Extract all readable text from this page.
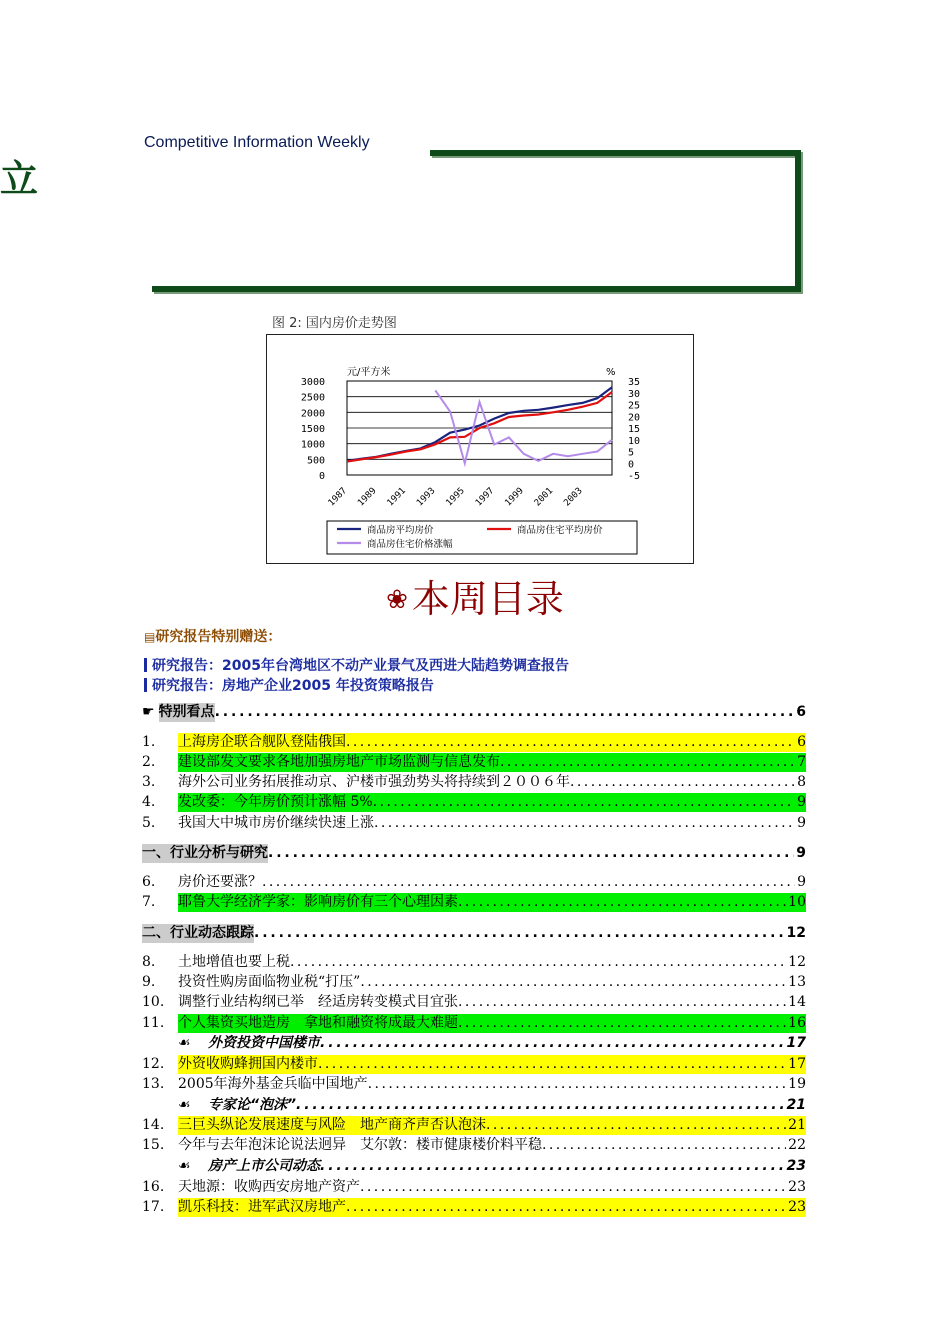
Competitive Information Weekly
立
图 2: 国内房价走势图
3000
2500
2000
1500
1000
500
0
35
30
25
20
15
10
5
0
-5
元/平方米	%
1987 1989 1991 1993 1995 1997 1999 2001 2003
商品房平均房价	商品房住宅平均房价
商品房住宅价格涨幅
❀ 本周目录
▤研究报告特别赠送：
研究报告：2005年台湾地区不动产业景气及西进大陆趋势调查报告
研究报告：房地产企业2005 年投资策略报告
☛ 特别看点 . . .	6
1.	上海房企联合舰队登陆俄国 . . .	6
2.	建设部发文要求各地加强房地产市场监测与信息发布 . . .	7
3.	海外公司业务拓展推动京、沪楼市强劲势头将持续到２００６年 . . .	8
4.	发改委：今年房价预计涨幅 5% . . .	9
5.	我国大中城市房价继续快速上涨 . . .	9
一、行业分析与研究 . . .	9
6.	房价还要涨？ . . .	9
7.	耶鲁大学经济学家：影响房价有三个心理因素 . . .	10
二、行业动态跟踪 . . .	12
8.	土地增值也要上税 . . .	12
9.	投资性购房面临物业税“打压” . . .	13
10. 调整行业结构纲已举　经适房转变模式目宜张 . . .	14
11. 个人集资买地造房　拿地和融资将成最大难题 . . .	16
☙	外资投资中国楼市 . . .	17
12. 外资收购蜂拥国内楼市 . . .	17
13. 2005年海外基金兵临中国地产 . . .	19
☙	专家论“泡沫” . . .	21
14. 三巨头纵论发展速度与风险　地产商齐声否认泡沫 . . .	21
15. 今年与去年泡沫论说法迥异　艾尔敦：楼市健康楼价料平稳 . . .	22
☙	房产上市公司动态 . . .	23
16. 天地源：收购西安房地产资产 . . .	23
17. 凯乐科技：进军武汉房地产 . . .	23
